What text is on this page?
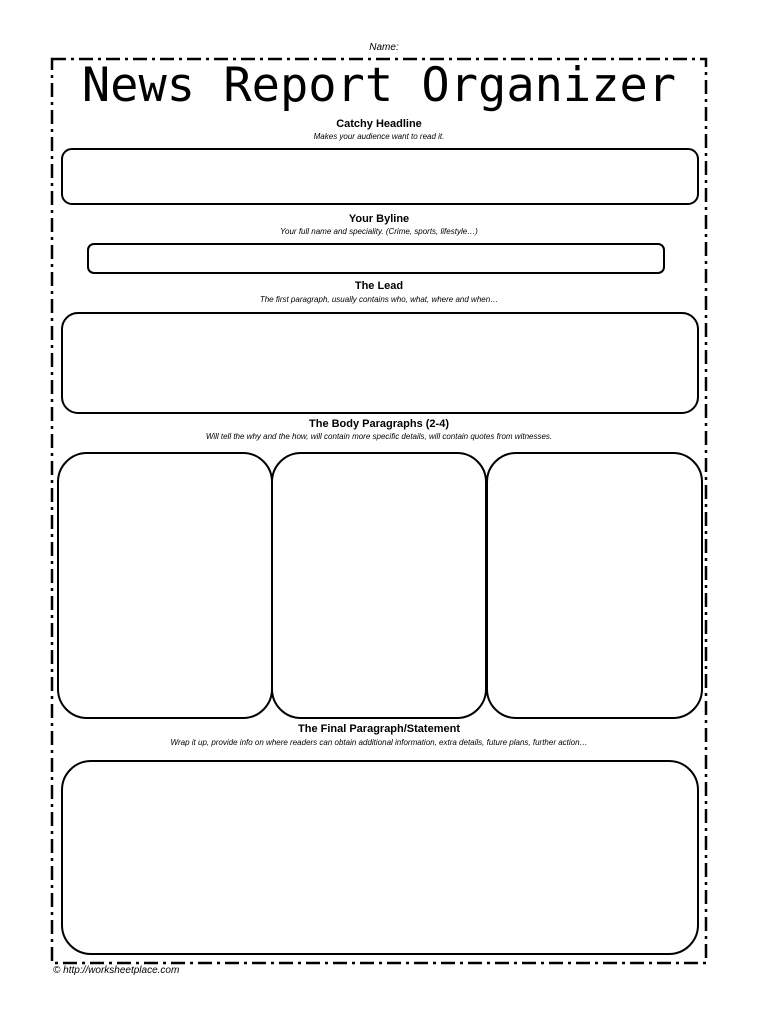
Name:
News Report Organizer
Catchy Headline
Makes your audience want to read it.
Your Byline
Your full name and speciality. (Crime, sports, lifestyle…)
The Lead
The first paragraph, usually contains who, what, where and when…
The Body Paragraphs (2-4)
Will tell the why and the how, will contain more specific details, will contain quotes from witnesses.
The Final Paragraph/Statement
Wrap it up, provide info on where readers can obtain additional information, extra details, future plans, further action…
© http://worksheetplace.com
